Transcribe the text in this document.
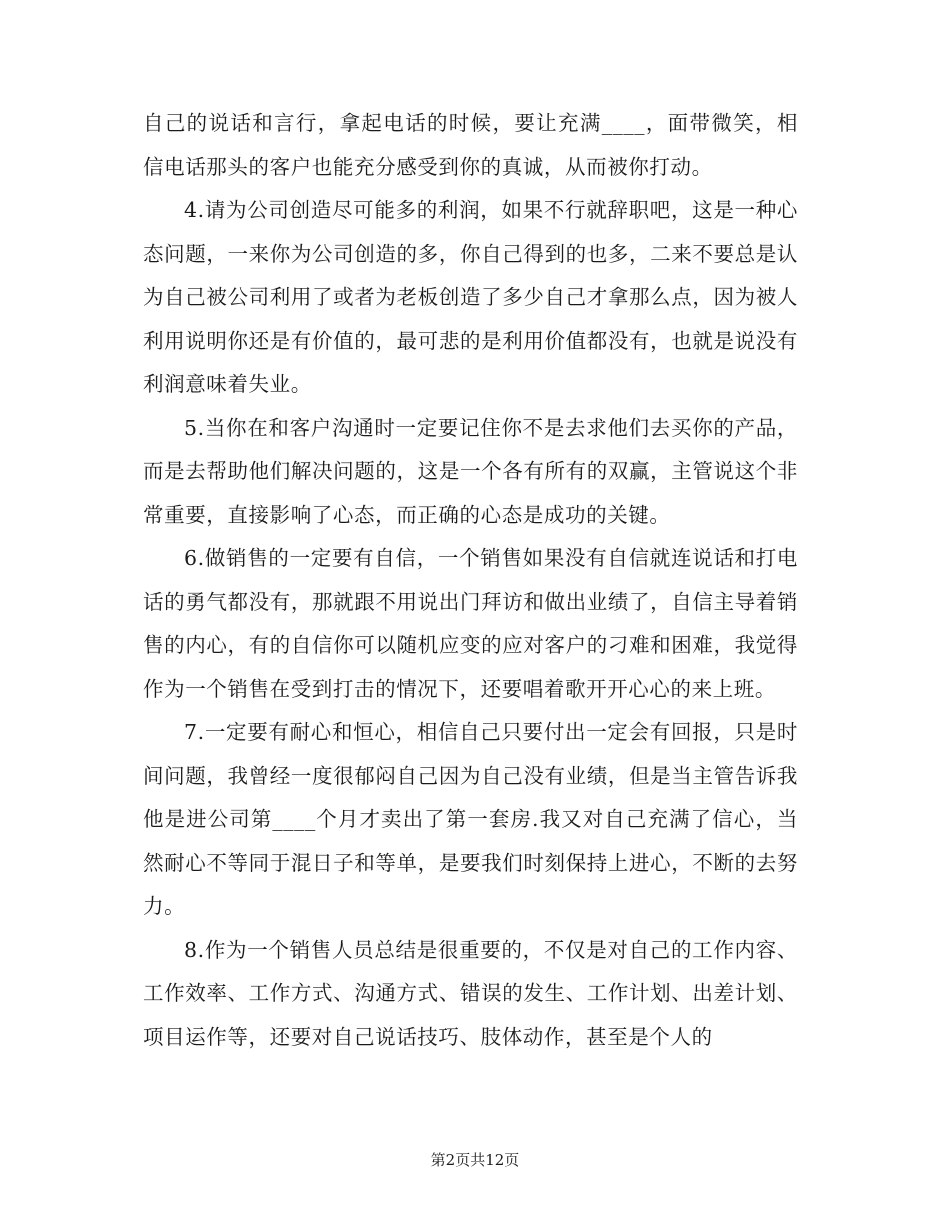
自己的说话和言行，拿起电话的时候，要让充满____，面带微笑，相信电话那头的客户也能充分感受到你的真诚，从而被你打动。

4.请为公司创造尽可能多的利润，如果不行就辞职吧，这是一种心态问题，一来你为公司创造的多，你自己得到的也多，二来不要总是认为自己被公司利用了或者为老板创造了多少自己才拿那么点，因为被人利用说明你还是有价值的，最可悲的是利用价值都没有，也就是说没有利润意味着失业。

5.当你在和客户沟通时一定要记住你不是去求他们去买你的产品，而是去帮助他们解决问题的，这是一个各有所有的双赢，主管说这个非常重要，直接影响了心态，而正确的心态是成功的关键。

6.做销售的一定要有自信，一个销售如果没有自信就连说话和打电话的勇气都没有，那就跟不用说出门拜访和做出业绩了，自信主导着销售的内心，有的自信你可以随机应变的应对客户的刁难和困难，我觉得作为一个销售在受到打击的情况下，还要唱着歌开开心心的来上班。

7.一定要有耐心和恒心，相信自己只要付出一定会有回报，只是时间问题，我曾经一度很郁闷自己因为自己没有业绩，但是当主管告诉我他是进公司第____个月才卖出了第一套房.我又对自己充满了信心，当然耐心不等同于混日子和等单，是要我们时刻保持上进心，不断的去努力。

8.作为一个销售人员总结是很重要的，不仅是对自己的工作内容、工作效率、工作方式、沟通方式、错误的发生、工作计划、出差计划、项目运作等，还要对自己说话技巧、肢体动作，甚至是个人的

第2页共12页
